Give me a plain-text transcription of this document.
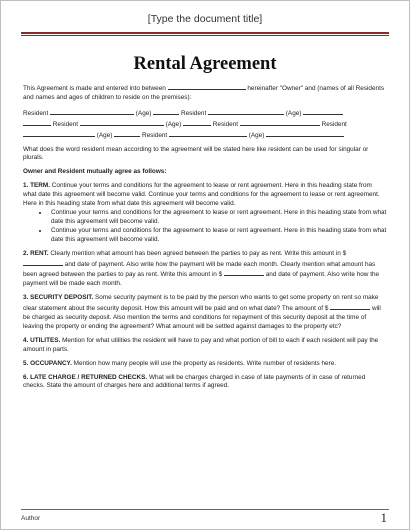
[Type the document title]
Rental Agreement

This Agreement is made and entered into between	hereinafter "Owner" and (names of all Residents and names and ages of children to reside on the premises):

Resident	(Age)	Resident	(Age)
Resident	(Age)	Resident	Resident
(Age)	Resident	(Age)

What does the word resident mean according to the agreement will be stated here like resident can be used for singular or plurals.

Owner and Resident mutually agree as follows:

1. TERM. Continue your terms and conditions for the agreement to lease or rent agreement. Here in this heading state from what date this agreement will become valid. Continue your terms and conditions for the agreement to lease or rent agreement. Here in this heading state from what date this agreement will become valid.

• Continue your terms and conditions for the agreement to lease or rent agreement. Here in this heading state from what date this agreement will become valid.
• Continue your terms and conditions for the agreement to lease or rent agreement. Here in this heading state from what date this agreement will become valid.

2. RENT. Clearly mention what amount has been agreed between the parties to pay as rent. Write this amount in $  and date of payment. Also write how the payment will be made each month. Clearly mention what amount has been agreed between the parties to pay as rent. Write this amount in $	and date of payment. Also write how the payment will be made each month.

3. SECURITY DEPOSIT. Some security payment is to be paid by the person who wants to get some property on rent so make clear statement about the security deposit. How this amount will be paid and on what date? The amount of $	will be charged as security deposit. Also mention the terms and conditions for repayment of this security deposit at the time of leaving the property or ending the agreement? What amount will be settled against damages to the property etc?

4. UTILITES. Mention for what utilities the resident will have to pay and what portion of bill to each if each resident will pay the amount in parts.

5. OCCUPANCY. Mention how many people will use the property as residents. Write number of residents here.

6. LATE CHARGE / RETURNED CHECKS. What will be charges charged in case of late payments of in case of returned checks. State the amount of charges here and additional terms if agreed.

Author	1
